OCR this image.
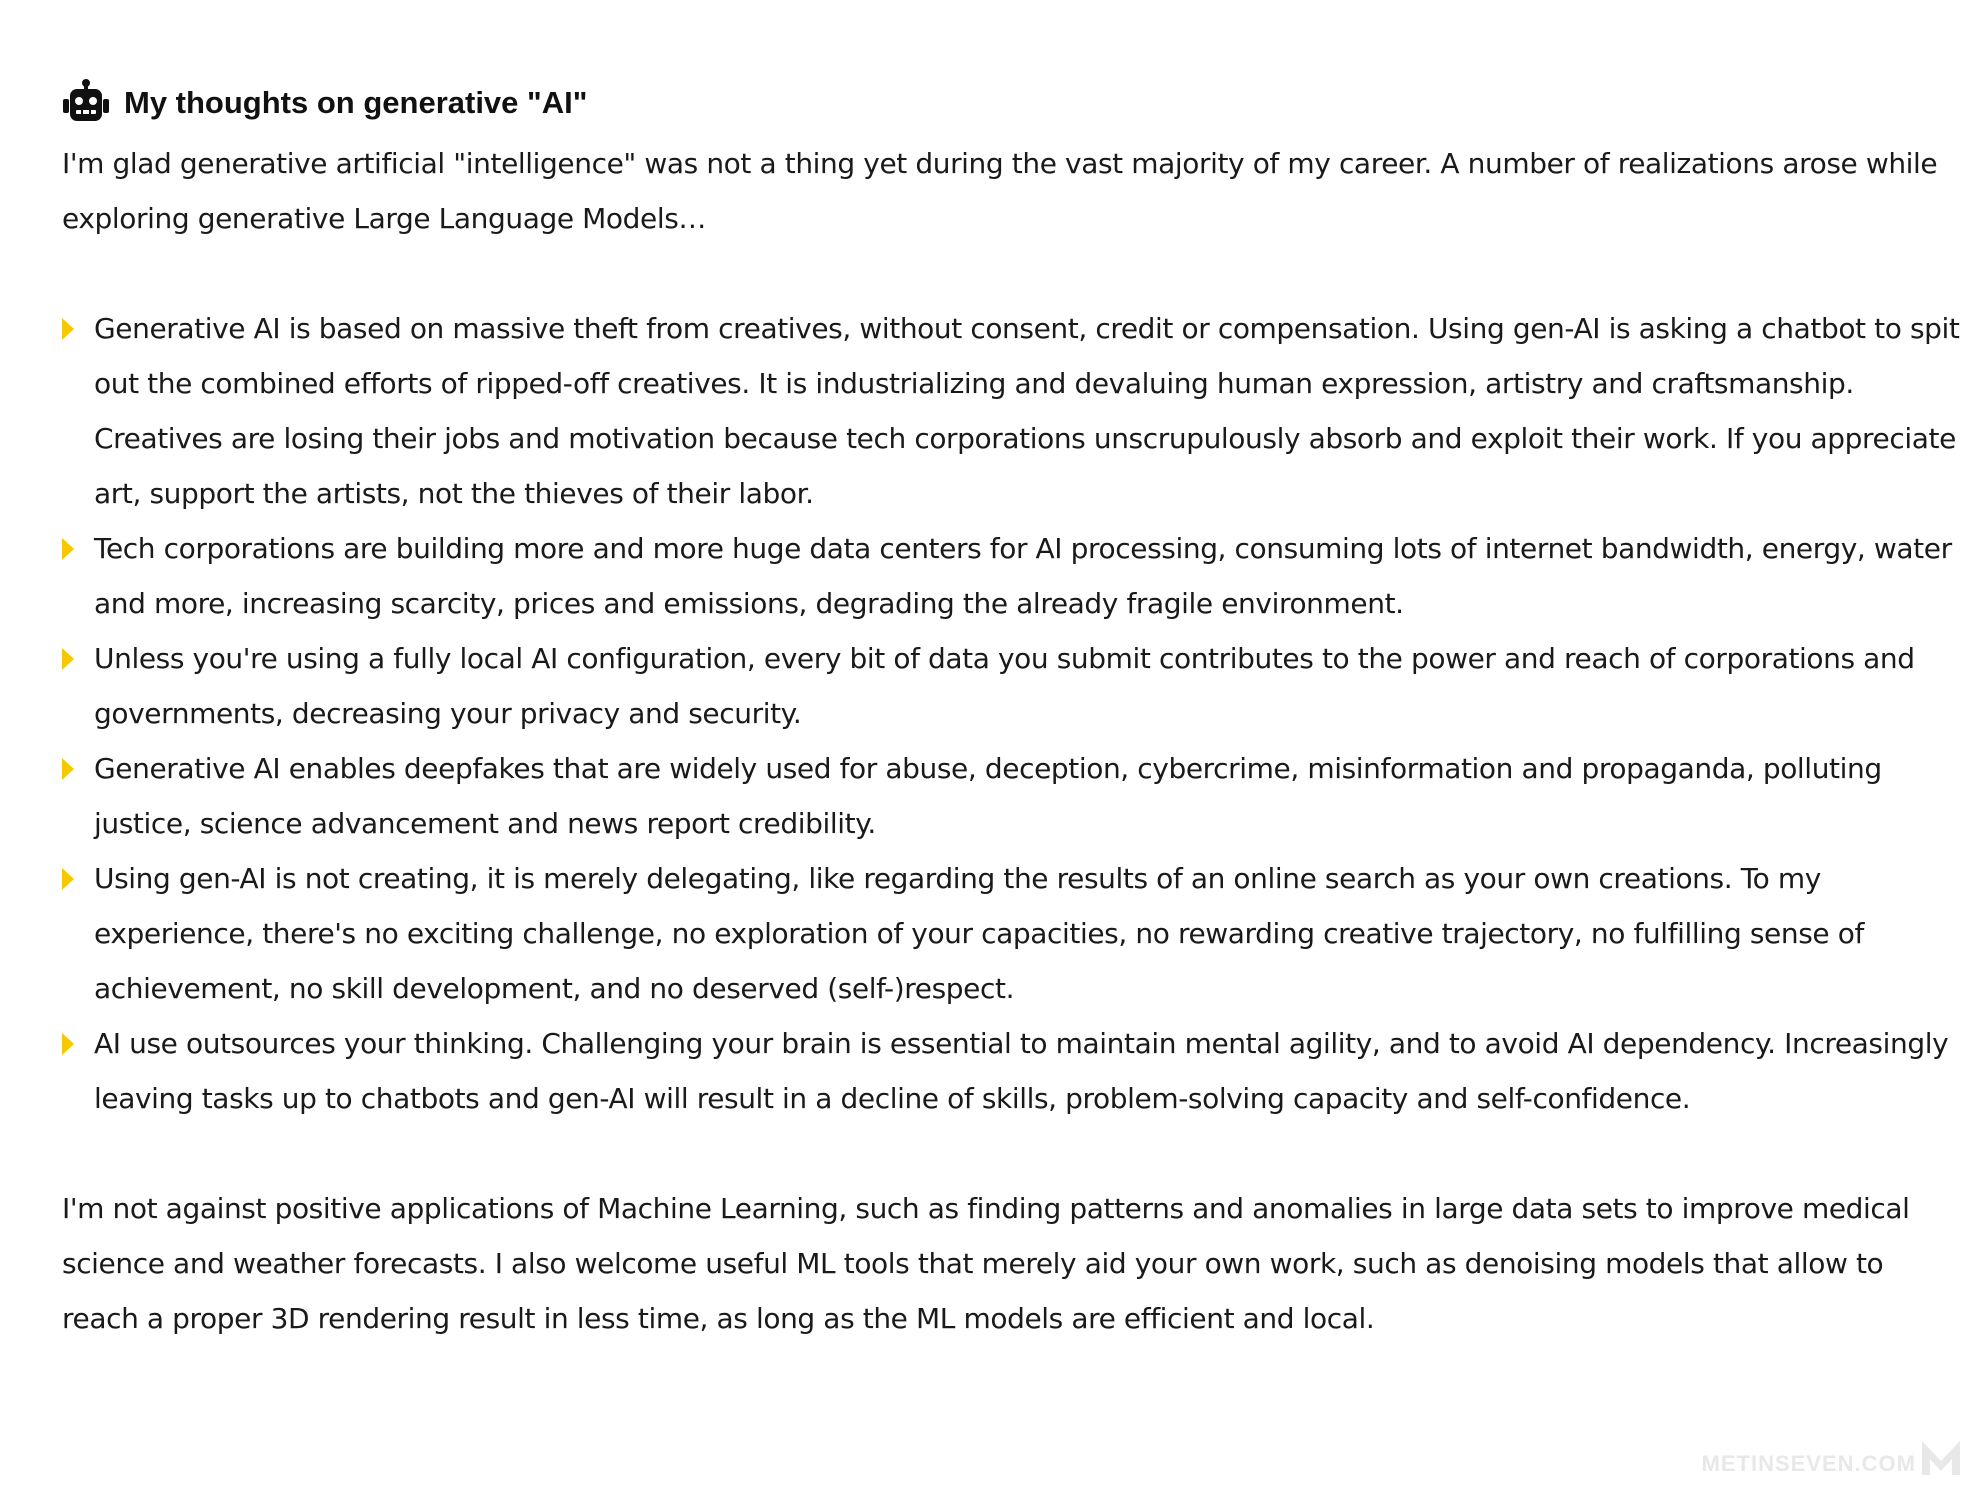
My thoughts on generative "AI"

I'm glad generative artificial "intelligence" was not a thing yet during the vast majority of my career. A number of realizations arose while exploring generative Large Language Models…

Generative AI is based on massive theft from creatives, without consent, credit or compensation. Using gen-AI is asking a chatbot to spit out the combined efforts of ripped-off creatives. It is industrializing and devaluing human expression, artistry and craftsmanship. Creatives are losing their jobs and motivation because tech corporations unscrupulously absorb and exploit their work. If you appreciate art, support the artists, not the thieves of their labor.
Tech corporations are building more and more huge data centers for AI processing, consuming lots of internet bandwidth, energy, water and more, increasing scarcity, prices and emissions, degrading the already fragile environment.
Unless you're using a fully local AI configuration, every bit of data you submit contributes to the power and reach of corporations and governments, decreasing your privacy and security.
Generative AI enables deepfakes that are widely used for abuse, deception, cybercrime, misinformation and propaganda, polluting justice, science advancement and news report credibility.
Using gen-AI is not creating, it is merely delegating, like regarding the results of an online search as your own creations. To my experience, there's no exciting challenge, no exploration of your capacities, no rewarding creative trajectory, no fulfilling sense of achievement, no skill development, and no deserved (self-)respect.
AI use outsources your thinking. Challenging your brain is essential to maintain mental agility, and to avoid AI dependency. Increasingly leaving tasks up to chatbots and gen-AI will result in a decline of skills, problem-solving capacity and self-confidence.

I'm not against positive applications of Machine Learning, such as finding patterns and anomalies in large data sets to improve medical science and weather forecasts. I also welcome useful ML tools that merely aid your own work, such as denoising models that allow to reach a proper 3D rendering result in less time, as long as the ML models are efficient and local.

METINSEVEN.COM
